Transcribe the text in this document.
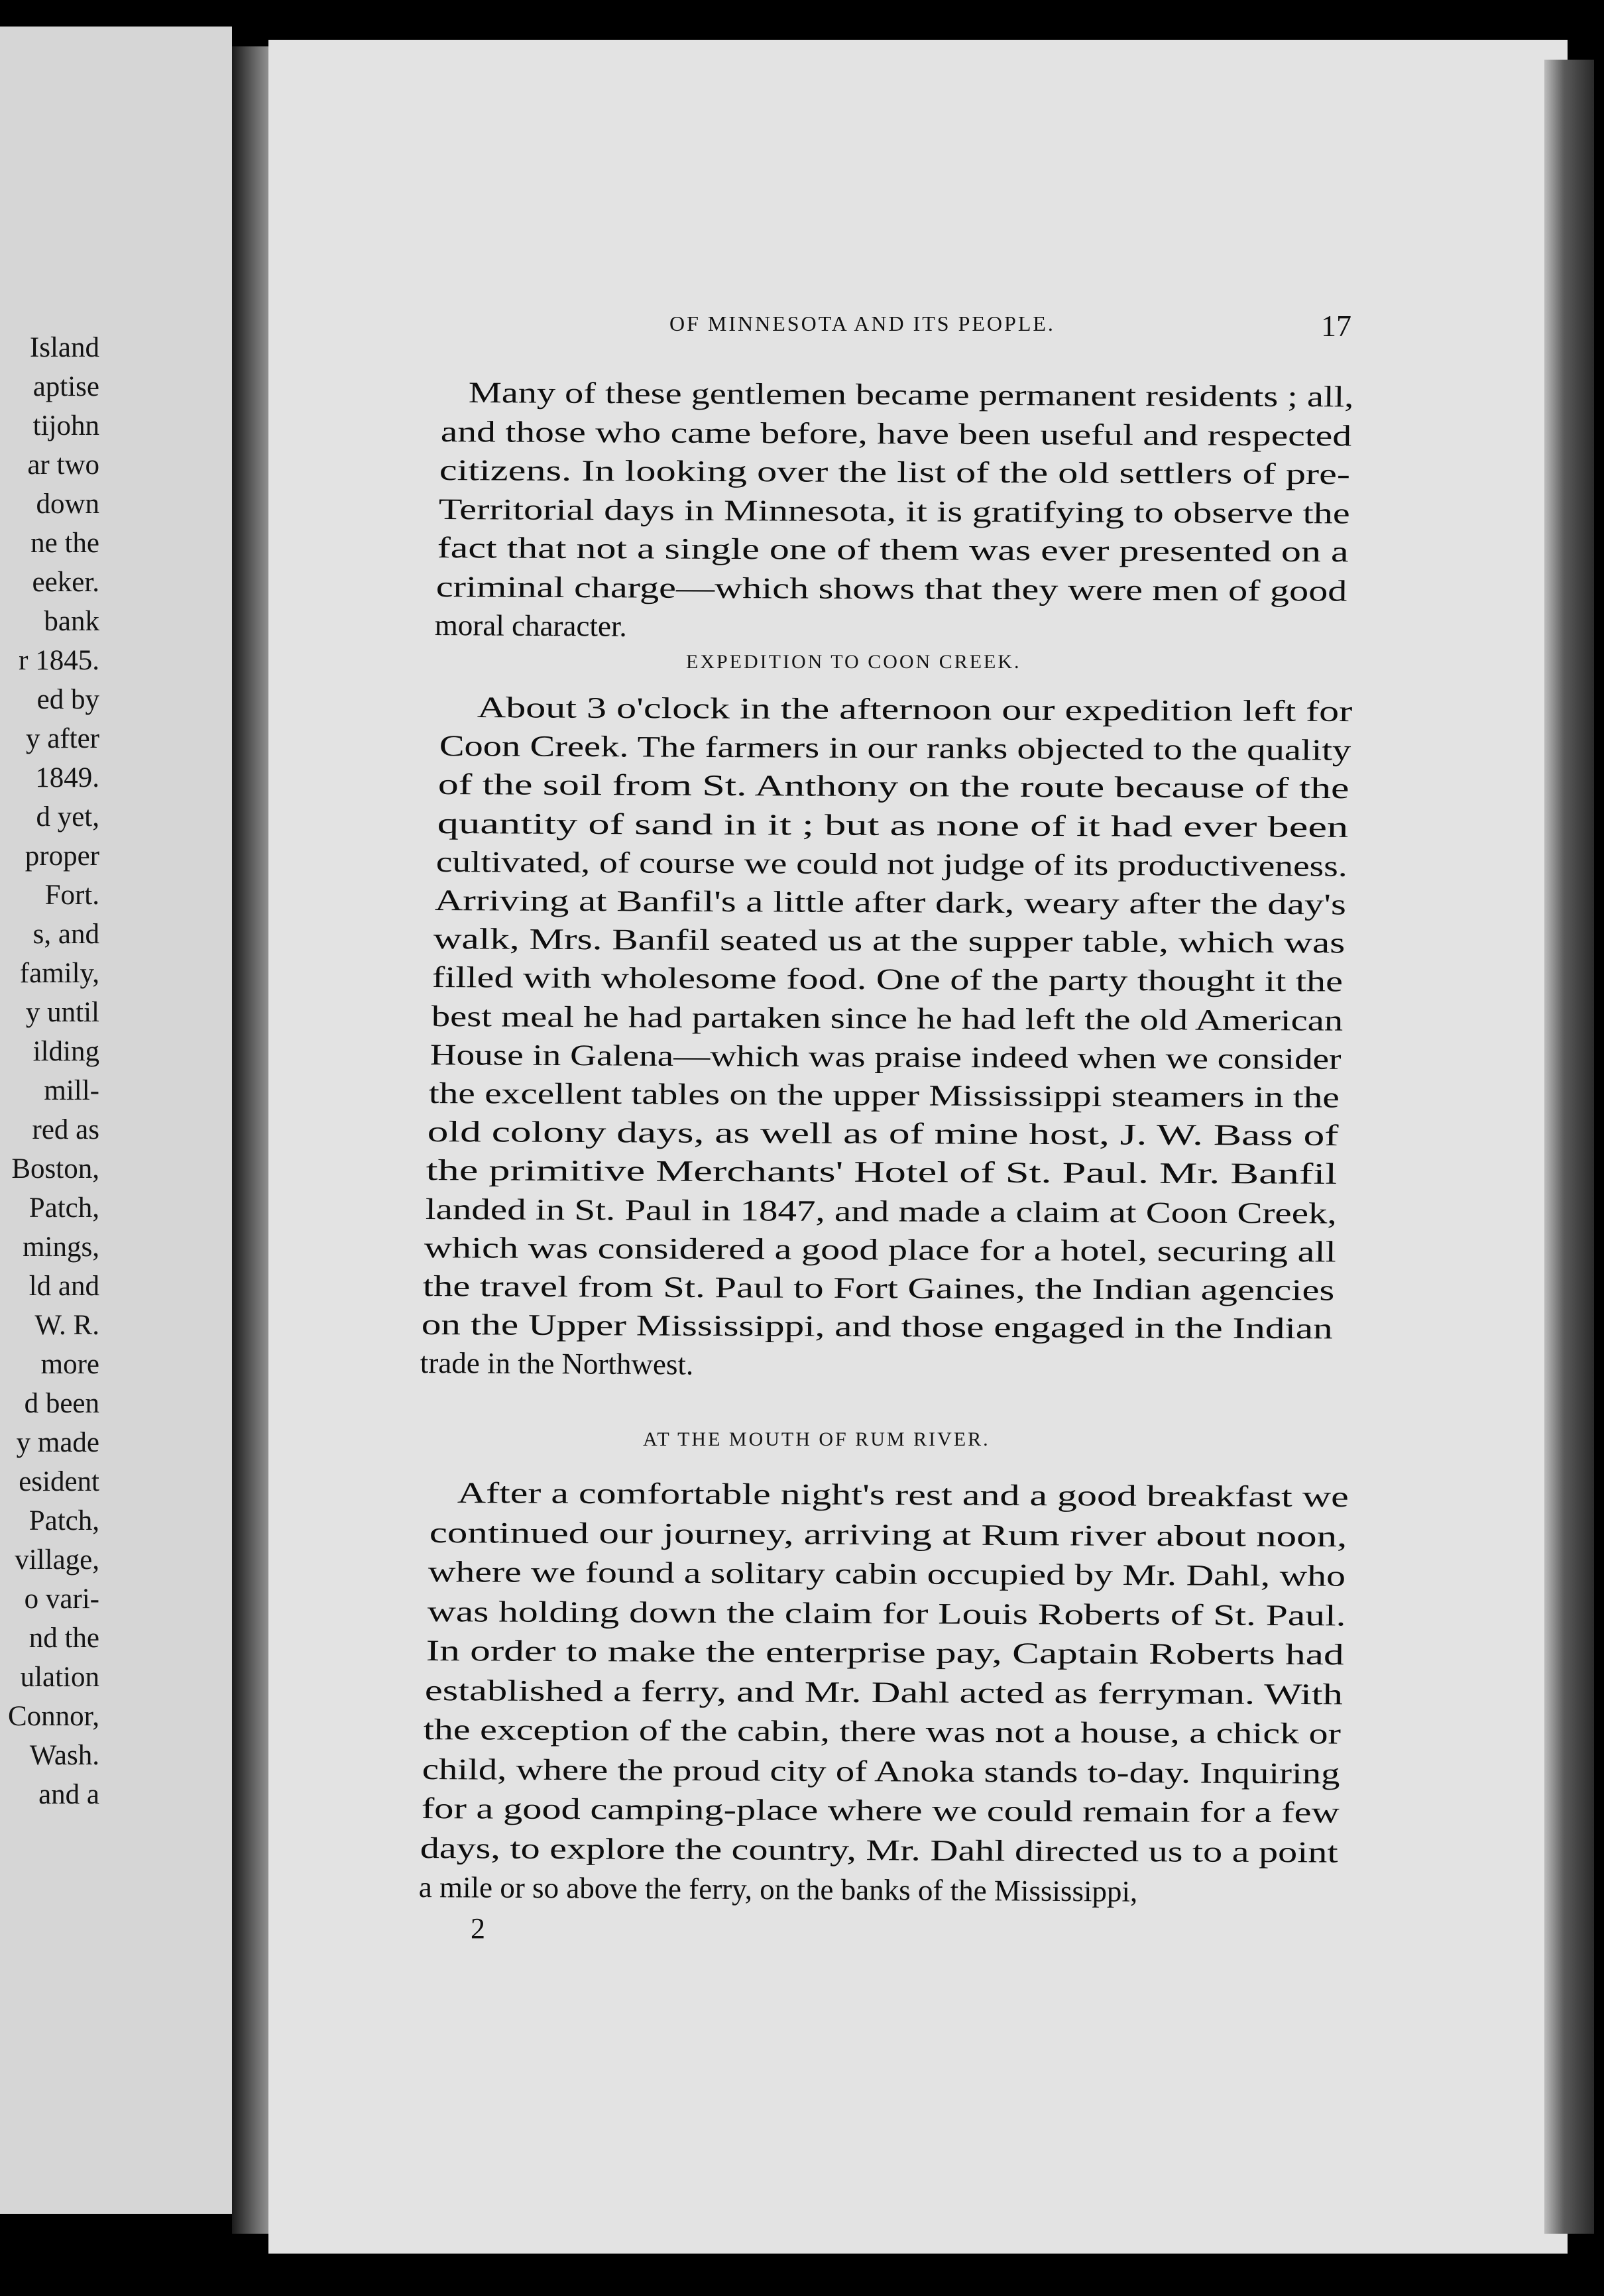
Island
aptise
tijohn
ar two
down
ne the
eeker.
bank
r 1845.
ed by
y after
1849.
d yet,
proper
Fort.
s, and
family,
y until
ilding
mill-
red as
Boston,
Patch,
mings,
ld and
W. R.
more
d been
y made
esident
Patch,
village,
o vari-
nd the
ulation
Connor,
Wash.
and a
OF MINNESOTA AND ITS PEOPLE.	17
Many of these gentlemen became permanent residents ; all,
and those who came before, have been useful and respected
citizens. In looking over the list of the old settlers of pre-
Territorial days in Minnesota, it is gratifying to observe the
fact that not a single one of them was ever presented on a
criminal charge—which shows that they were men of good
moral character.
EXPEDITION TO COON CREEK.
About 3 o'clock in the afternoon our expedition left for
Coon Creek. The farmers in our ranks objected to the quality
of the soil from St. Anthony on the route because of the
quantity of sand in it ; but as none of it had ever been
cultivated, of course we could not judge of its productiveness.
Arriving at Banfil's a little after dark, weary after the day's
walk, Mrs. Banfil seated us at the supper table, which was
filled with wholesome food. One of the party thought it the
best meal he had partaken since he had left the old American
House in Galena—which was praise indeed when we consider
the excellent tables on the upper Mississippi steamers in the
old colony days, as well as of mine host, J. W. Bass of
the primitive Merchants' Hotel of St. Paul. Mr. Banfil
landed in St. Paul in 1847, and made a claim at Coon Creek,
which was considered a good place for a hotel, securing all
the travel from St. Paul to Fort Gaines, the Indian agencies
on the Upper Mississippi, and those engaged in the Indian
trade in the Northwest.
AT THE MOUTH OF RUM RIVER.
After a comfortable night's rest and a good breakfast we
continued our journey, arriving at Rum river about noon,
where we found a solitary cabin occupied by Mr. Dahl, who
was holding down the claim for Louis Roberts of St. Paul.
In order to make the enterprise pay, Captain Roberts had
established a ferry, and Mr. Dahl acted as ferryman. With
the exception of the cabin, there was not a house, a chick or
child, where the proud city of Anoka stands to-day. Inquiring
for a good camping-place where we could remain for a few
days, to explore the country, Mr. Dahl directed us to a point
a mile or so above the ferry, on the banks of the Mississippi,
2
